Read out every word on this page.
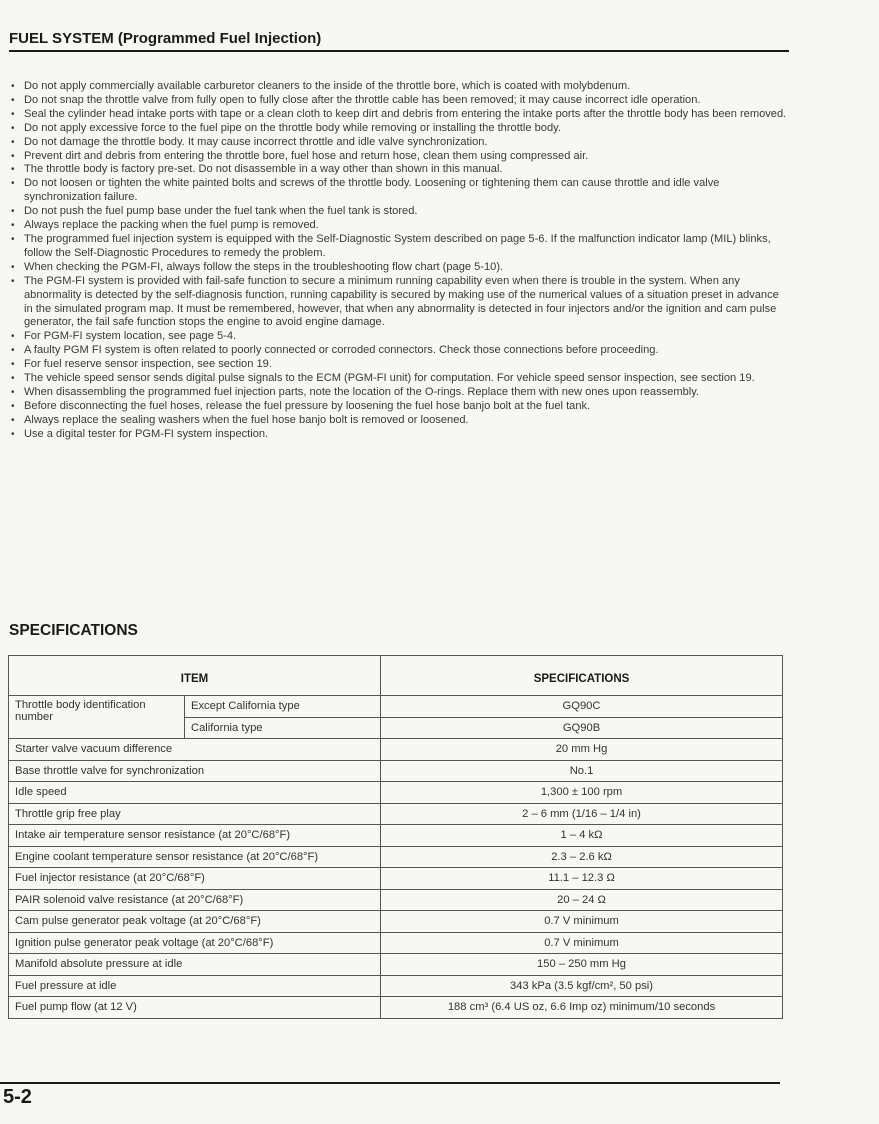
FUEL SYSTEM (Programmed Fuel Injection)
• Do not apply commercially available carburetor cleaners to the inside of the throttle bore, which is coated with molybdenum.
• Do not snap the throttle valve from fully open to fully close after the throttle cable has been removed; it may cause incorrect idle operation.
• Seal the cylinder head intake ports with tape or a clean cloth to keep dirt and debris from entering the intake ports after the throttle body has been removed.
• Do not apply excessive force to the fuel pipe on the throttle body while removing or installing the throttle body.
• Do not damage the throttle body. It may cause incorrect throttle and idle valve synchronization.
• Prevent dirt and debris from entering the throttle bore, fuel hose and return hose, clean them using compressed air.
• The throttle body is factory pre-set. Do not disassemble in a way other than shown in this manual.
• Do not loosen or tighten the white painted bolts and screws of the throttle body. Loosening or tightening them can cause throttle and idle valve synchronization failure.
• Do not push the fuel pump base under the fuel tank when the fuel tank is stored.
• Always replace the packing when the fuel pump is removed.
• The programmed fuel injection system is equipped with the Self-Diagnostic System described on page 5-6. If the malfunction indicator lamp (MIL) blinks, follow the Self-Diagnostic Procedures to remedy the problem.
• When checking the PGM-FI, always follow the steps in the troubleshooting flow chart (page 5-10).
• The PGM-FI system is provided with fail-safe function to secure a minimum running capability even when there is trouble in the system. When any abnormality is detected by the self-diagnosis function, running capability is secured by making use of the numerical values of a situation preset in advance in the simulated program map. It must be remembered, however, that when any abnormality is detected in four injectors and/or the ignition and cam pulse generator, the fail safe function stops the engine to avoid engine damage.
• For PGM-FI system location, see page 5-4.
• A faulty PGM FI system is often related to poorly connected or corroded connectors. Check those connections before proceeding.
• For fuel reserve sensor inspection, see section 19.
• The vehicle speed sensor sends digital pulse signals to the ECM (PGM-FI unit) for computation. For vehicle speed sensor inspection, see section 19.
• When disassembling the programmed fuel injection parts, note the location of the O-rings. Replace them with new ones upon reassembly.
• Before disconnecting the fuel hoses, release the fuel pressure by loosening the fuel hose banjo bolt at the fuel tank.
• Always replace the sealing washers when the fuel hose banjo bolt is removed or loosened.
• Use a digital tester for PGM-FI system inspection.
SPECIFICATIONS
ITEM		SPECIFICATIONS
Throttle body identification number	Except California type	GQ90C
	California type	GQ90B
Starter valve vacuum difference		20 mm Hg
Base throttle valve for synchronization		No.1
Idle speed		1,300 ± 100 rpm
Throttle grip free play		2 – 6 mm (1/16 – 1/4 in)
Intake air temperature sensor resistance (at 20°C/68°F)		1 – 4 kΩ
Engine coolant temperature sensor resistance (at 20°C/68°F)		2.3 – 2.6 kΩ
Fuel injector resistance (at 20°C/68°F)		11.1 – 12.3 Ω
PAIR solenoid valve resistance (at 20°C/68°F)		20 – 24 Ω
Cam pulse generator peak voltage (at 20°C/68°F)		0.7 V minimum
Ignition pulse generator peak voltage (at 20°C/68°F)		0.7 V minimum
Manifold absolute pressure at idle		150 – 250 mm Hg
Fuel pressure at idle		343 kPa (3.5 kgf/cm², 50 psi)
Fuel pump flow (at 12 V)		188 cm³ (6.4 US oz, 6.6 Imp oz) minimum/10 seconds
5-2
